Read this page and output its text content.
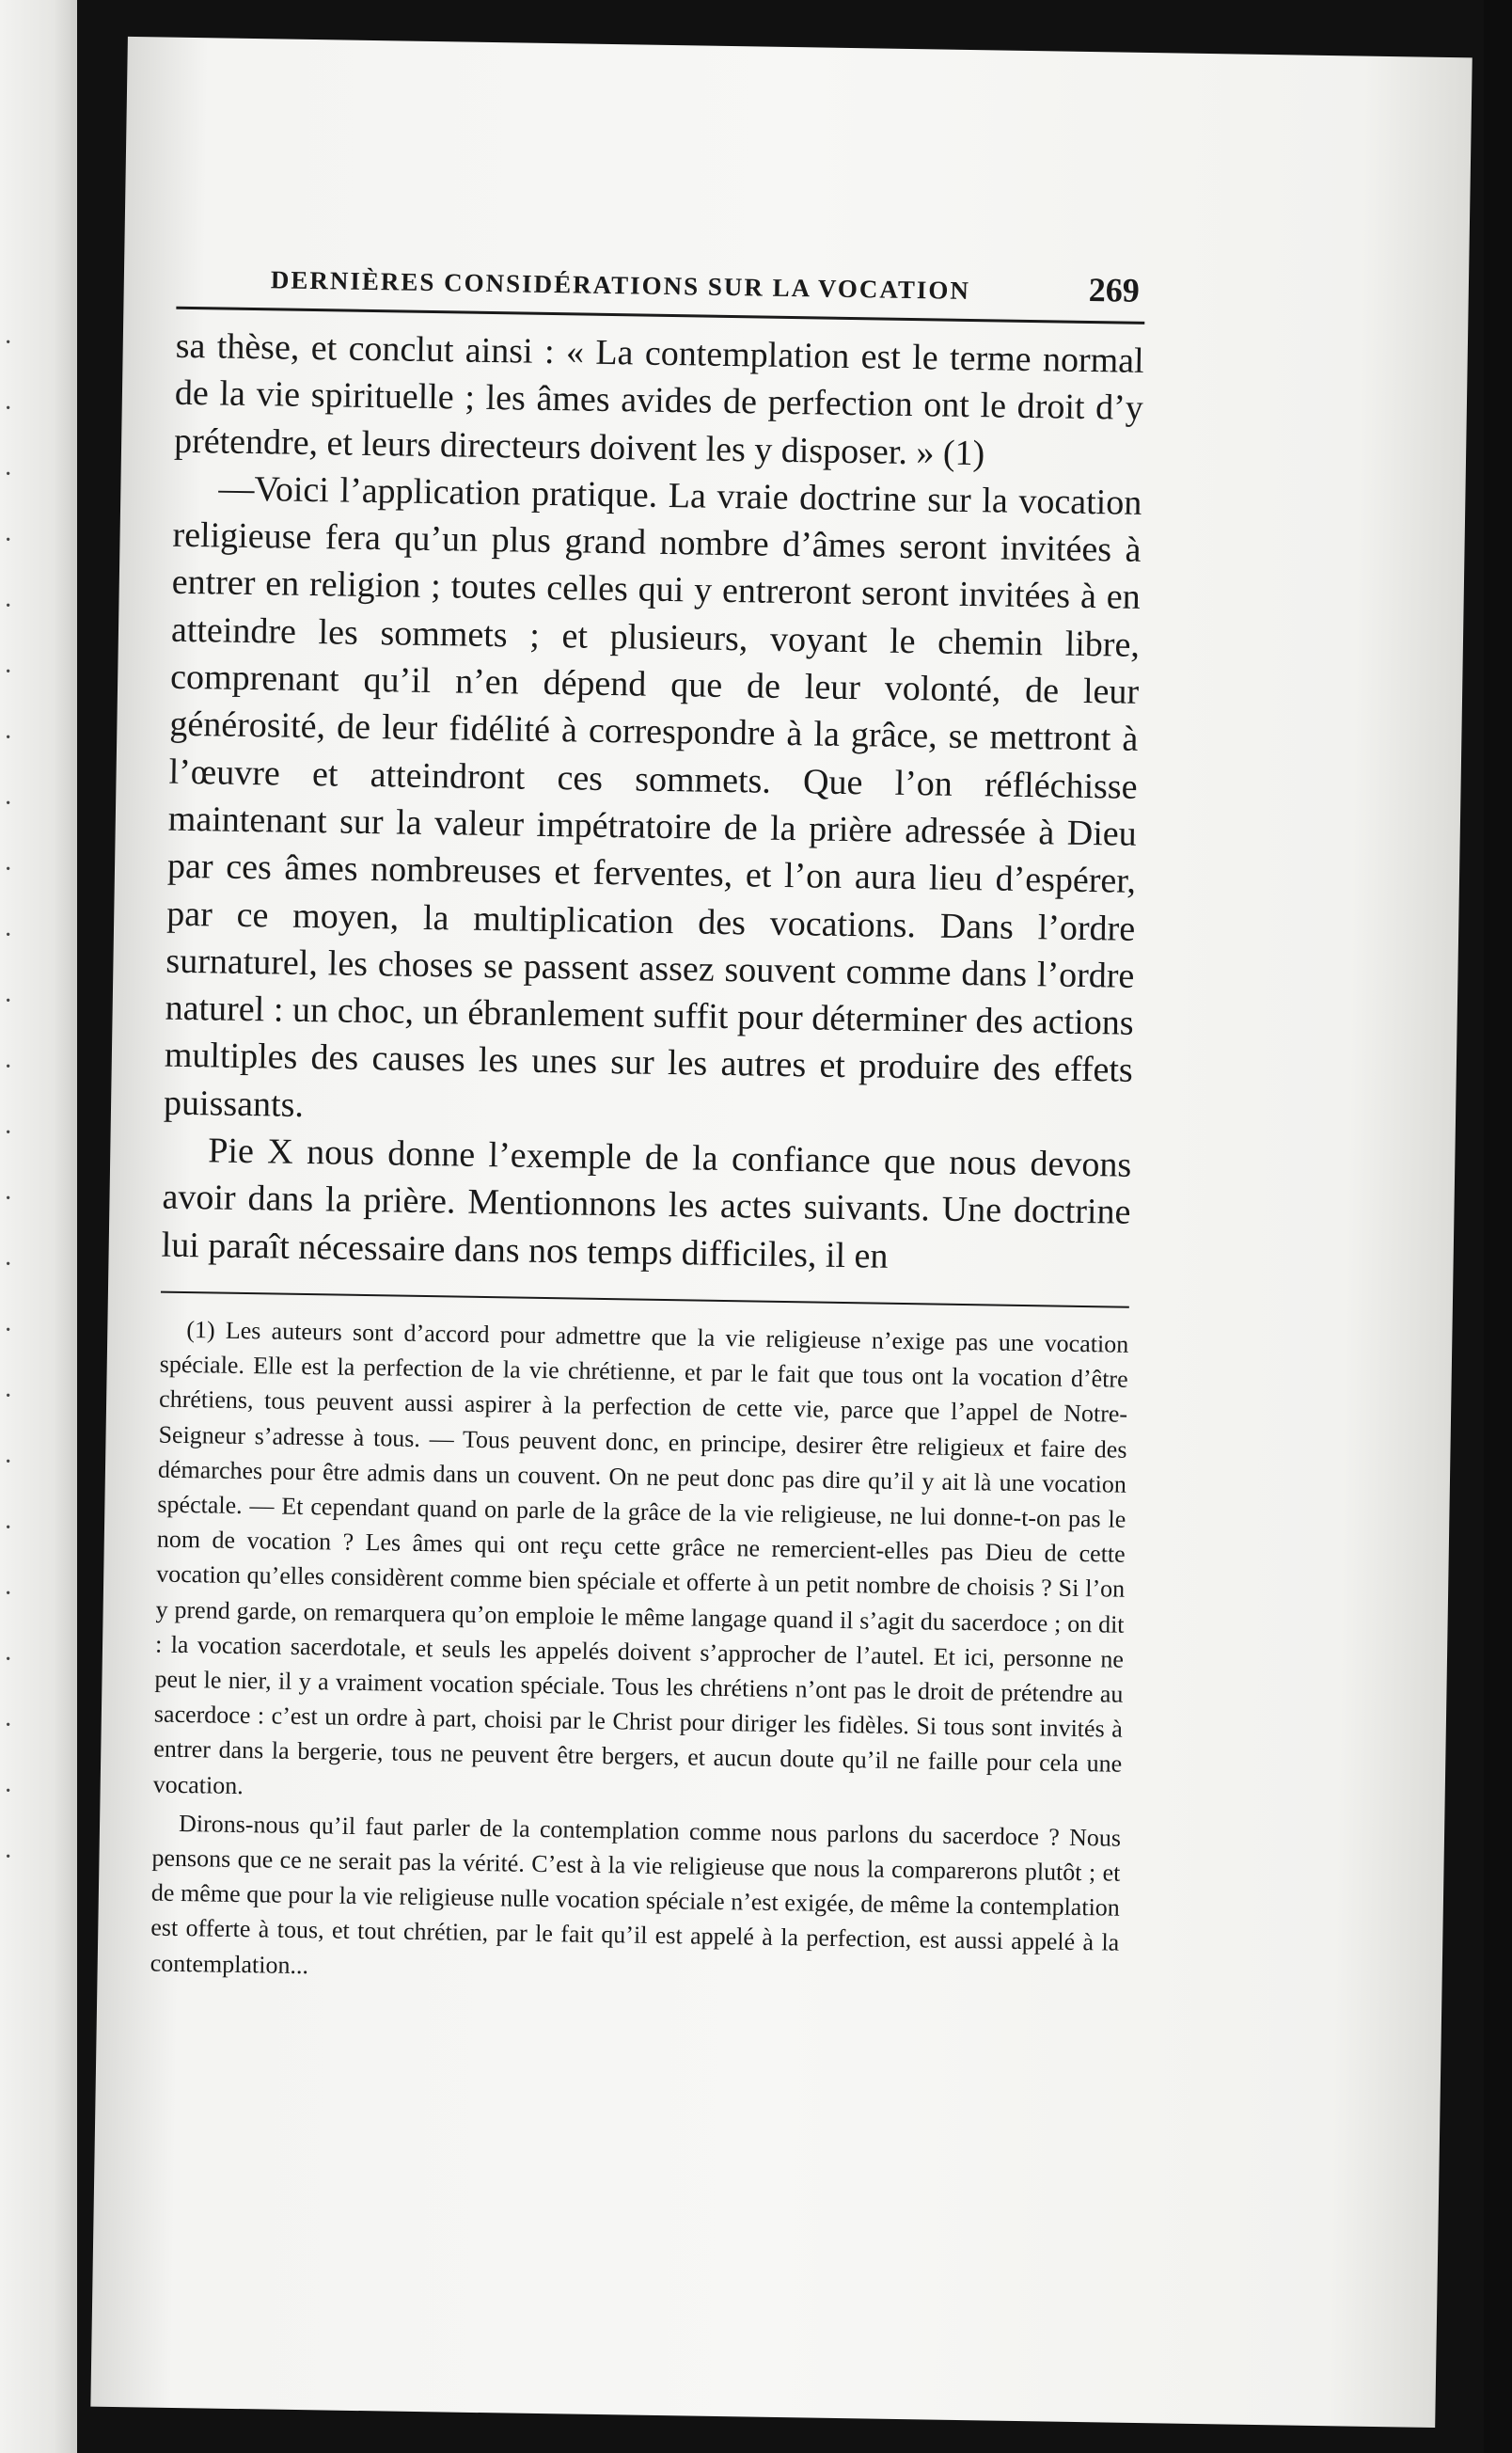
·
·
·
·
·
·
·
·
·
·
·
·
·
·
·
·
·
·
·
·
·
·
·
·
DERNIÈRES CONSIDÉRATIONS SUR LA VOCATION	269

sa thèse, et conclut ainsi : « La contemplation est le terme normal de la vie spirituelle ; les âmes avides de perfection ont le droit d’y prétendre, et leurs directeurs doivent les y disposer. » (1)

—Voici l’application pratique. La vraie doctrine sur la vocation religieuse fera qu’un plus grand nombre d’âmes seront invitées à entrer en religion ; toutes celles qui y entreront seront invitées à en atteindre les sommets ; et plusieurs, voyant le chemin libre, comprenant qu’il n’en dépend que de leur volonté, de leur générosité, de leur fidélité à correspondre à la grâce, se mettront à l’œuvre et atteindront ces sommets. Que l’on réfléchisse maintenant sur la valeur impétratoire de la prière adressée à Dieu par ces âmes nombreuses et ferventes, et l’on aura lieu d’espérer, par ce moyen, la multiplication des vocations. Dans l’ordre surnaturel, les choses se passent assez souvent comme dans l’ordre naturel : un choc, un ébranlement suffit pour déterminer des actions multiples des causes les unes sur les autres et produire des effets puissants.

Pie X nous donne l’exemple de la confiance que nous devons avoir dans la prière. Mentionnons les actes suivants. Une doctrine lui paraît nécessaire dans nos temps difficiles, il en

(1) Les auteurs sont d’accord pour admettre que la vie religieuse n’exige pas une vocation spéciale. Elle est la perfection de la vie chrétienne, et par le fait que tous ont la vocation d’être chrétiens, tous peuvent aussi aspirer à la perfection de cette vie, parce que l’appel de Notre-Seigneur s’adresse à tous. — Tous peuvent donc, en principe, desirer être religieux et faire des démarches pour être admis dans un couvent. On ne peut donc pas dire qu’il y ait là une vocation spéctale. — Et cependant quand on parle de la grâce de la vie religieuse, ne lui donne-t-on pas le nom de vocation ? Les âmes qui ont reçu cette grâce ne remercient-elles pas Dieu de cette vocation qu’elles considèrent comme bien spéciale et offerte à un petit nombre de choisis ? Si l’on y prend garde, on remarquera qu’on emploie le même langage quand il s’agit du sacerdoce ; on dit : la vocation sacerdotale, et seuls les appelés doivent s’approcher de l’autel. Et ici, personne ne peut le nier, il y a vraiment vocation spéciale. Tous les chrétiens n’ont pas le droit de prétendre au sacerdoce : c’est un ordre à part, choisi par le Christ pour diriger les fidèles. Si tous sont invités à entrer dans la bergerie, tous ne peuvent être bergers, et aucun doute qu’il ne faille pour cela une vocation.

Dirons-nous qu’il faut parler de la contemplation comme nous parlons du sacerdoce ? Nous pensons que ce ne serait pas la vérité. C’est à la vie religieuse que nous la comparerons plutôt ; et de même que pour la vie religieuse nulle vocation spéciale n’est exigée, de même la contemplation est offerte à tous, et tout chrétien, par le fait qu’il est appelé à la perfection, est aussi appelé à la contemplation...
